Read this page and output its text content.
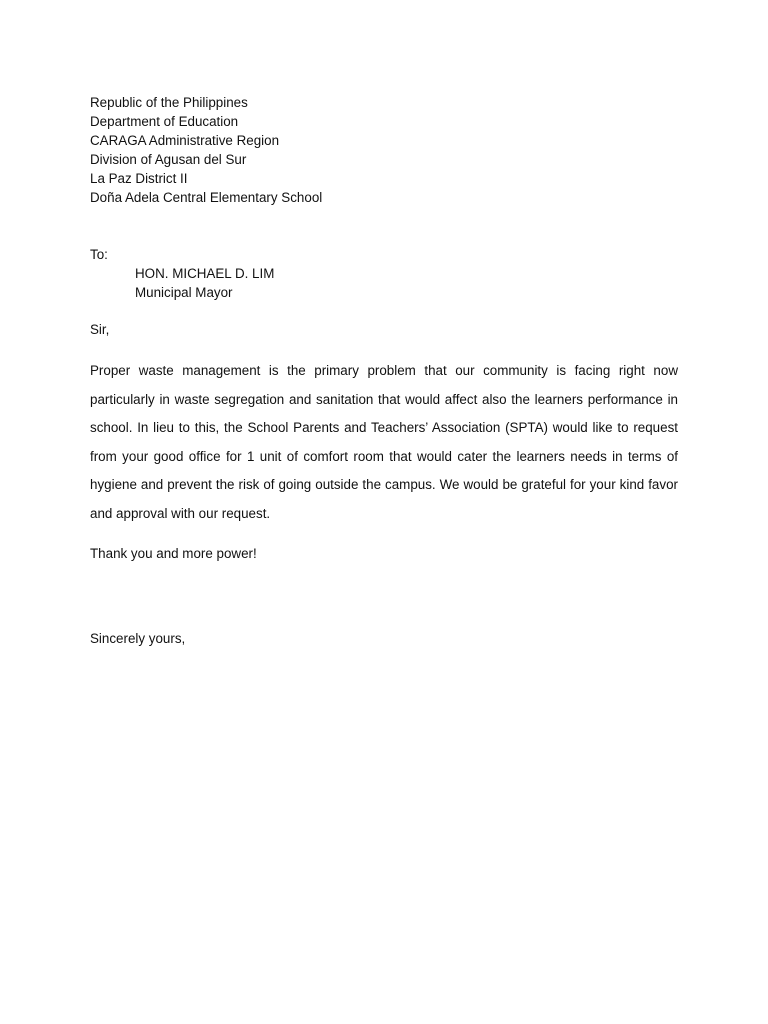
Republic of the Philippines
Department of Education
CARAGA Administrative Region
Division of Agusan del Sur
La Paz District II
Doña Adela Central Elementary School
To:
HON. MICHAEL D. LIM
Municipal Mayor
Sir,

Proper waste management is the primary problem that our community is facing right now particularly in waste segregation and sanitation that would affect also the learners performance in school. In lieu to this, the School Parents and Teachers’ Association (SPTA) would like to request from your good office for 1 unit of comfort room that would cater the learners needs in terms of hygiene and prevent the risk of going outside the campus. We would be grateful for your kind favor and approval with our request.

Thank you and more power!
Sincerely yours,
